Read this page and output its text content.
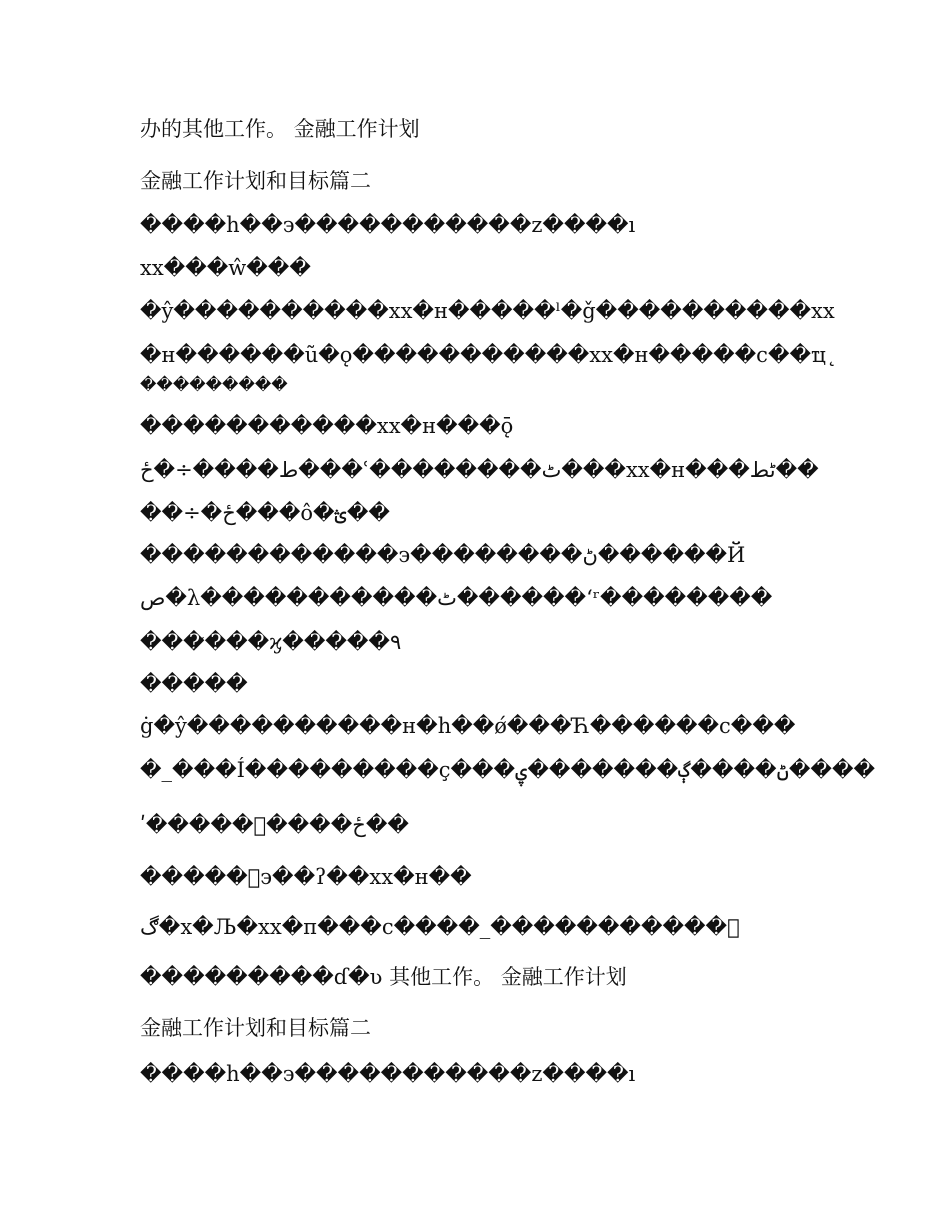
办的其他工作。 金融工作计划
金融工作计划和目标篇二
����h��э�����������z����ı
xx���ŵ���
�ŷ����������xx�н�����ˡ�ǧ����������xx
�н������ũ�ǫ�����������xx�н�����с��ҵ˛
���������
�����������xx�н���ǭ
ط����÷�ځ���ʿ��������ٹ���xx�н���ٹط��
��÷�ځ���ô�ؿ��
������������э��������ڻ������Й
ص�λ�����������ٹ������ʻʳ��������
���̷���ϗ�����٩
�����
ġ�ŷ����������н�һ��ǿ���Ћ������с���
�_���Í���������ç���ڻ����ڳ�������ۑ����
ʹ�����ͭ����ځ��
�����ͭэ��ʔ��xx�н��
ڰ�х�Љ�xx�п���с����_�����������ͭ
���������ɗ�ʋ 其他工作。 金融工作计划
金融工作计划和目标篇二
����h��э�����������z����ı
